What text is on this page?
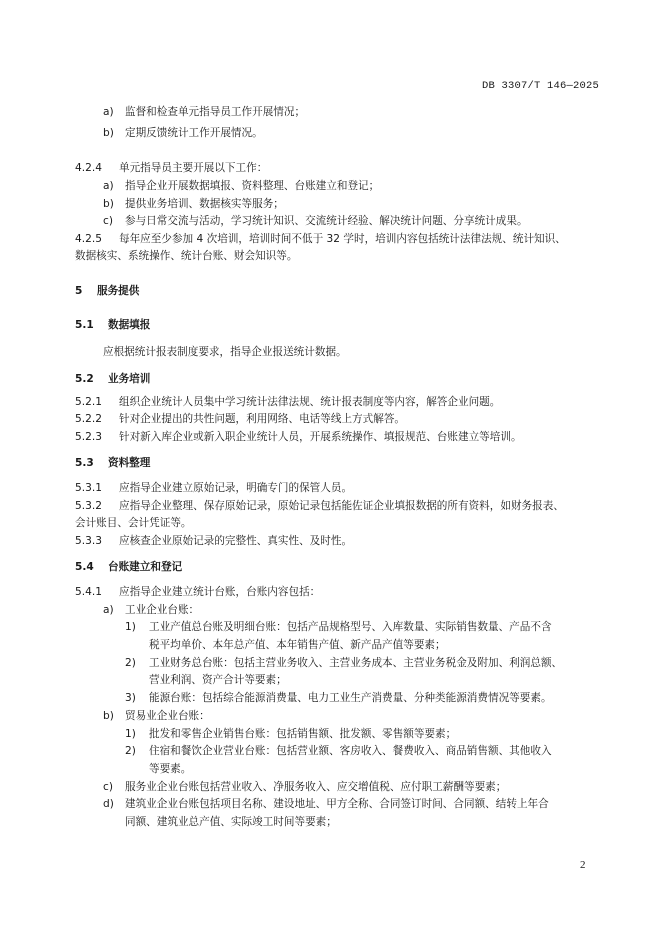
DB 3307/T 146—2025
a) 监督和检查单元指导员工作开展情况；
b) 定期反馈统计工作开展情况。
4.2.4 单元指导员主要开展以下工作：
a) 指导企业开展数据填报、资料整理、台账建立和登记；
b) 提供业务培训、数据核实等服务；
c) 参与日常交流与活动，学习统计知识、交流统计经验、解决统计问题、分享统计成果。
4.2.5 每年应至少参加 4 次培训，培训时间不低于 32 学时，培训内容包括统计法律法规、统计知识、
数据核实、系统操作、统计台账、财会知识等。
5 服务提供
5.1 数据填报
应根据统计报表制度要求，指导企业报送统计数据。
5.2 业务培训
5.2.1 组织企业统计人员集中学习统计法律法规、统计报表制度等内容，解答企业问题。
5.2.2 针对企业提出的共性问题，利用网络、电话等线上方式解答。
5.2.3 针对新入库企业或新入职企业统计人员，开展系统操作、填报规范、台账建立等培训。
5.3 资料整理
5.3.1 应指导企业建立原始记录，明确专门的保管人员。
5.3.2 应指导企业整理、保存原始记录，原始记录包括能佐证企业填报数据的所有资料，如财务报表、
会计账目、会计凭证等。
5.3.3 应核查企业原始记录的完整性、真实性、及时性。
5.4 台账建立和登记
5.4.1 应指导企业建立统计台账，台账内容包括：
a) 工业企业台账：
1) 工业产值总台账及明细台账：包括产品规格型号、入库数量、实际销售数量、产品不含
税平均单价、本年总产值、本年销售产值、新产品产值等要素；
2) 工业财务总台账：包括主营业务收入、主营业务成本、主营业务税金及附加、利润总额、
营业利润、资产合计等要素；
3) 能源台账：包括综合能源消费量、电力工业生产消费量、分种类能源消费情况等要素。
b) 贸易业企业台账：
1) 批发和零售企业销售台账：包括销售额、批发额、零售额等要素；
2) 住宿和餐饮企业营业台账：包括营业额、客房收入、餐费收入、商品销售额、其他收入
等要素。
c) 服务业企业台账包括营业收入、净服务收入、应交增值税、应付职工薪酬等要素；
d) 建筑业企业台账包括项目名称、建设地址、甲方全称、合同签订时间、合同额、结转上年合
同额、建筑业总产值、实际竣工时间等要素；
2
